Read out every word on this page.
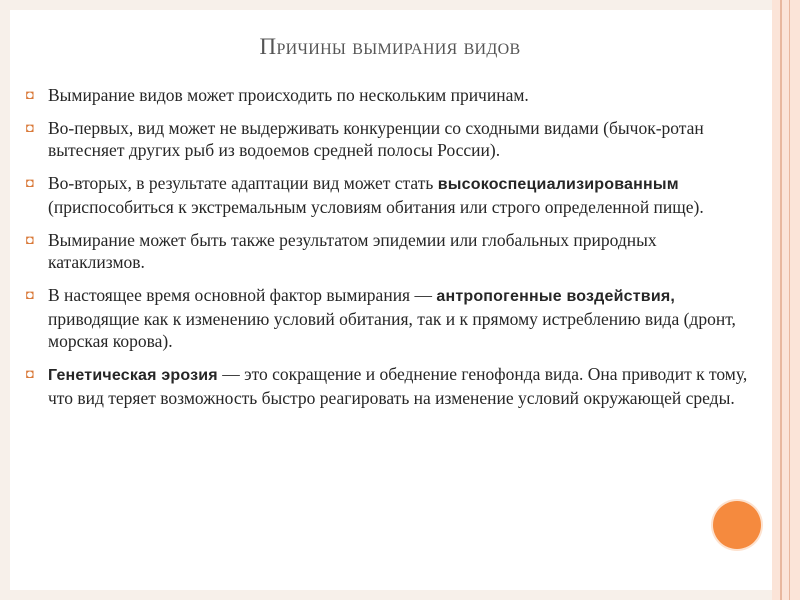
Причины вымирания видов
◘ Вымирание видов может происходить по нескольким причинам.
◘ Во-первых, вид может не выдерживать конкуренции со сходными видами (бычок-ротан вытесняет других рыб из водоемов средней полосы России).
◘ Во-вторых, в результате адаптации вид может стать высокоспециализированным (приспособиться к экстремальным условиям обитания или строго определенной пище).
◘ Вымирание может быть также результатом эпидемии или глобальных природных катаклизмов.
◘ В настоящее время основной фактор вымирания — антропогенные воздействия, приводящие как к изменению условий обитания, так и к прямому истреблению вида (дронт, морская корова).
◘ Генетическая эрозия — это сокращение и обеднение генофонда вида. Она приводит к тому, что вид теряет возможность быстро реагировать на изменение условий окружающей среды.
